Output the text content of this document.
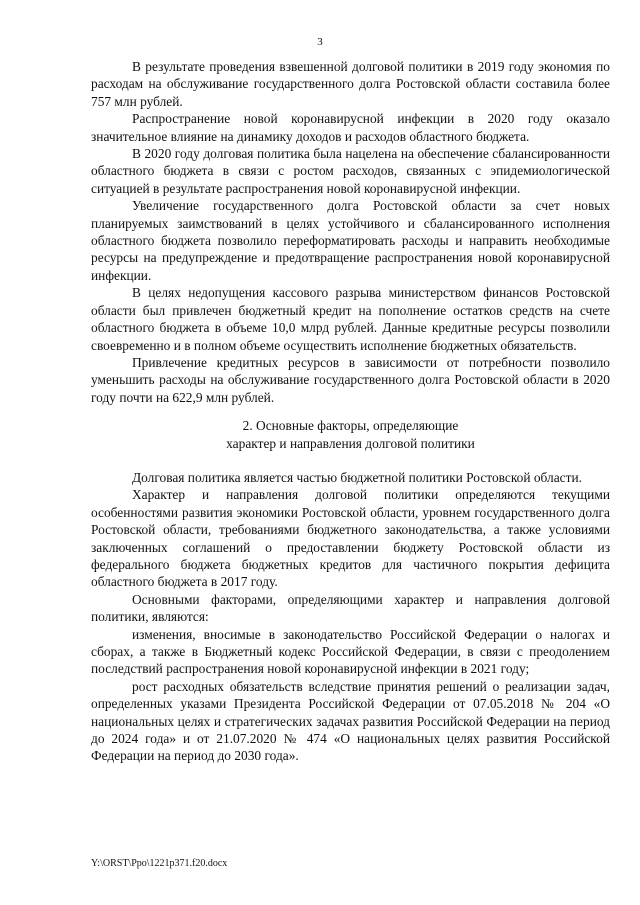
3

В результате проведения взвешенной долговой политики в 2019 году экономия по расходам на обслуживание государственного долга Ростовской области составила более 757 млн рублей.

Распространение новой коронавирусной инфекции в 2020 году оказало значительное влияние на динамику доходов и расходов областного бюджета.

В 2020 году долговая политика была нацелена на обеспечение сбалансированности областного бюджета в связи с ростом расходов, связанных с эпидемиологической ситуацией в результате распространения новой коронавирусной инфекции.

Увеличение государственного долга Ростовской области за счет новых планируемых заимствований в целях устойчивого и сбалансированного исполнения областного бюджета позволило переформатировать расходы и направить необходимые ресурсы на предупреждение и предотвращение распространения новой коронавирусной инфекции.

В целях недопущения кассового разрыва министерством финансов Ростовской области был привлечен бюджетный кредит на пополнение остатков средств на счете областного бюджета в объеме 10,0 млрд рублей. Данные кредитные ресурсы позволили своевременно и в полном объеме осуществить исполнение бюджетных обязательств.

Привлечение кредитных ресурсов в зависимости от потребности позволило уменьшить расходы на обслуживание государственного долга Ростовской области в 2020 году почти на 622,9 млн рублей.

2. Основные факторы, определяющие
характер и направления долговой политики

Долговая политика является частью бюджетной политики Ростовской области.

Характер и направления долговой политики определяются текущими особенностями развития экономики Ростовской области, уровнем государственного долга Ростовской области, требованиями бюджетного законодательства, а также условиями заключенных соглашений о предоставлении бюджету Ростовской области из федерального бюджета бюджетных кредитов для частичного покрытия дефицита областного бюджета в 2017 году.

Основными факторами, определяющими характер и направления долговой политики, являются:

изменения, вносимые в законодательство Российской Федерации о налогах и сборах, а также в Бюджетный кодекс Российской Федерации, в связи с преодолением последствий распространения новой коронавирусной инфекции в 2021 году;

рост расходных обязательств вследствие принятия решений о реализации задач, определенных указами Президента Российской Федерации от 07.05.2018 № 204 «О национальных целях и стратегических задачах развития Российской Федерации на период до 2024 года» и от 21.07.2020 № 474 «О национальных целях развития Российской Федерации на период до 2030 года».

Y:\ORST\Ppo\1221p371.f20.docx
